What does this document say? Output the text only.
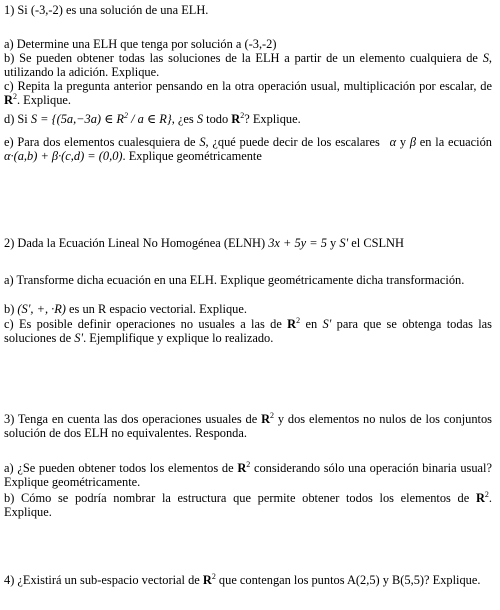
1) Si (-3,-2) es una solución de una ELH.

a) Determine una ELH que tenga por solución a (-3,-2)

b) Se pueden obtener todas las soluciones de la ELH a partir de un elemento cualquiera de S, utilizando la adición. Explique.

c) Repita la pregunta anterior pensando en la otra operación usual, multiplicación por escalar, de $R^2$. Explique.

d) Si S = {(5a,−3a) ∈ $R^2$ / a ∈ R}, ¿es S todo $R^2$? Explique.

e) Para dos elementos cualesquiera de S, ¿qué puede decir de los escalares α y β en la ecuación α·(a,b) + β·(c,d) = (0,0). Explique geométricamente

2) Dada la Ecuación Lineal No Homogénea (ELNH) 3x + 5y = 5 y S' el CSLNH

a) Transforme dicha ecuación en una ELH. Explique geométricamente dicha transformación.

b) (S', +, ·R) es un R espacio vectorial. Explique.

c) Es posible definir operaciones no usuales a las de $R^2$ en S' para que se obtenga todas las soluciones de S'. Ejemplifique y explique lo realizado.

3) Tenga en cuenta las dos operaciones usuales de $R^2$ y dos elementos no nulos de los conjuntos solución de dos ELH no equivalentes. Responda.

a) ¿Se pueden obtener todos los elementos de $R^2$ considerando sólo una operación binaria usual? Explique geométricamente.

b) Cómo se podría nombrar la estructura que permite obtener todos los elementos de $R^2$. Explique.

4) ¿Existirá un sub-espacio vectorial de $R^2$ que contengan los puntos A(2,5) y B(5,5)? Explique.
